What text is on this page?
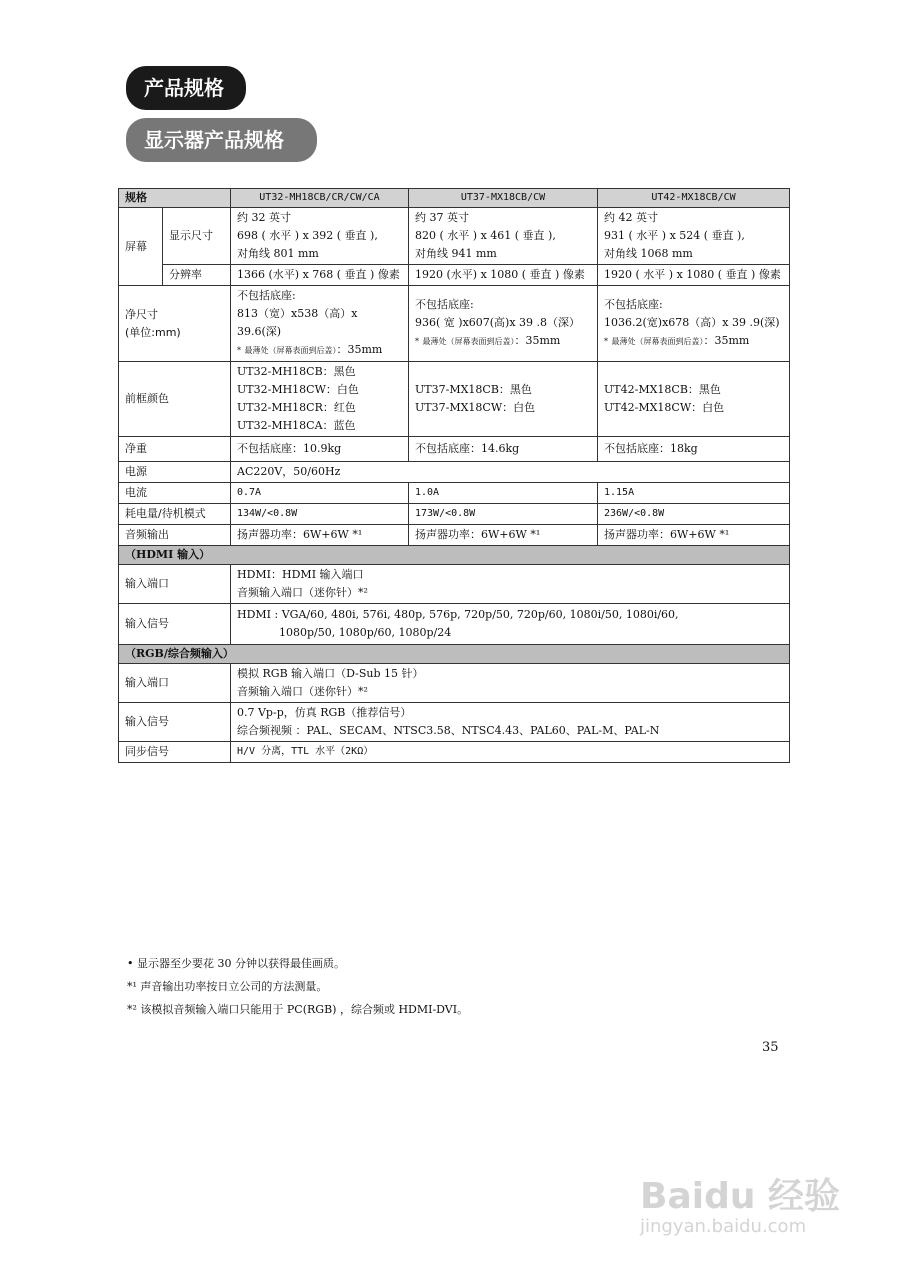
产品规格
显示器产品规格
规格		UT32-MH18CB/CR/CW/CA	UT37-MX18CB/CW	UT42-MX18CB/CW
屏幕	显示尺寸	约 32 英寸
698 ( 水平 ) x 392 ( 垂直 ),
对角线 801 mm	约 37 英寸
820 ( 水平 ) x 461 ( 垂直 ),
对角线 941 mm	约 42 英寸
931 ( 水平 ) x 524 ( 垂直 ),
对角线 1068 mm

	分辨率	1366 (水平) x 768 ( 垂直 ) 像素	1920 (水平) x 1080 ( 垂直 ) 像素	1920 ( 水平 ) x 1080 ( 垂直 ) 像素

净尺寸
(单位:mm)		不包括底座:
813（宽）x538（高）x 39.6(深)
* 最薄处（屏幕表面到后盖）：35mm	不包括底座:
936( 宽 )x607(高)x 39 .8（深）
* 最薄处（屏幕表面到后盖）：35mm	不包括底座:
1036.2(宽)x678（高）x 39 .9(深)
* 最薄处（屏幕表面到后盖）：35mm

前框颜色		UT32-MH18CB：黑色
UT32-MH18CW：白色
UT32-MH18CR：红色
UT32-MH18CA：蓝色	UT37-MX18CB：黑色
UT37-MX18CW：白色	UT42-MX18CB：黑色
UT42-MX18CW：白色

净重		不包括底座：10.9kg	不包括底座：14.6kg	不包括底座：18kg
电源		AC220V，50/60Hz		
电流		0.7A	1.0A	1.15A
耗电量/待机模式		134W/<0.8W	173W/<0.8W	236W/<0.8W
音频输出		扬声器功率：6W+6W *¹	扬声器功率：6W+6W *¹	扬声器功率：6W+6W *¹
（HDMI 输入）				
输入端口		HDMI：HDMI 输入端口
音频输入端口（迷你针）*²		

输入信号		HDMI : VGA/60, 480i, 576i, 480p, 576p, 720p/50, 720p/60, 1080i/50, 1080i/60,
1080p/50, 1080p/60, 1080p/24		

（RGB/综合频输入）				
输入端口		模拟 RGB 输入端口（D-Sub 15 针）
音频输入端口（迷你针）*²		

输入信号		0.7 Vp-p，仿真 RGB（推荐信号）
综合频视频 ：PAL、SECAM、NTSC3.58、NTSC4.43、PAL60、PAL-M、PAL-N		

同步信号		H/V 分离，TTL 水平（2KΩ）		
• 显示器至少要花 30 分钟以获得最佳画质。
*¹ 声音输出功率按日立公司的方法测量。
*² 该模拟音频输入端口只能用于 PC(RGB) ，综合频或 HDMI-DVI。
35
Baidu 经验
jingyan.baidu.com
